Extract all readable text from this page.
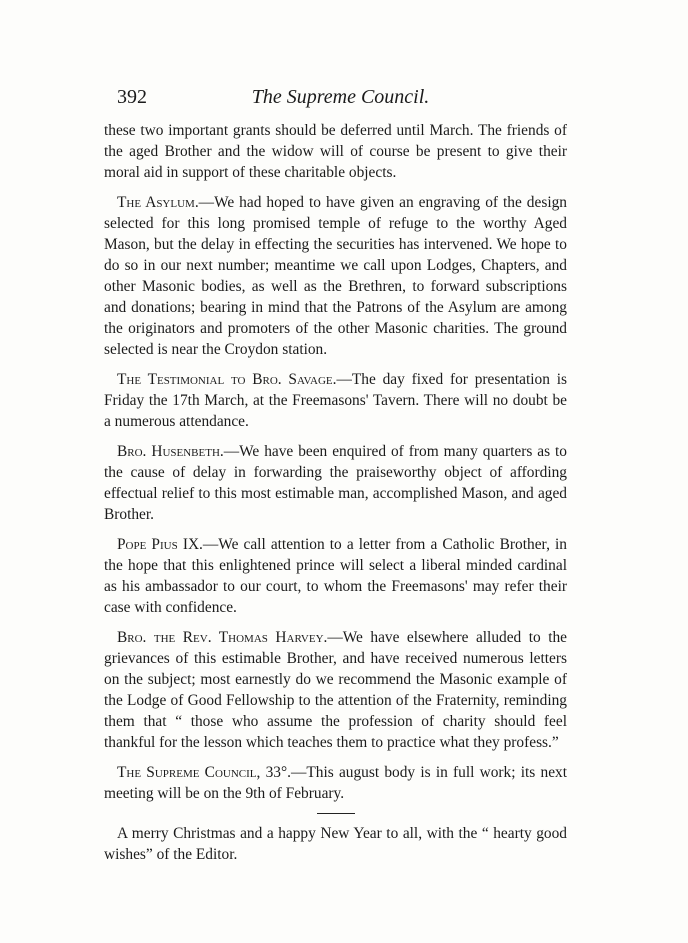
392	The Supreme Council.

these two important grants should be deferred until March. The friends of the aged Brother and the widow will of course be present to give their moral aid in support of these charitable objects.

The Asylum.—We had hoped to have given an engraving of the design selected for this long promised temple of refuge to the worthy Aged Mason, but the delay in effecting the securities has intervened. We hope to do so in our next number; meantime we call upon Lodges, Chapters, and other Masonic bodies, as well as the Brethren, to forward subscriptions and donations; bearing in mind that the Patrons of the Asylum are among the originators and promoters of the other Masonic charities. The ground selected is near the Croydon station.

The Testimonial to Bro. Savage.—The day fixed for presentation is Friday the 17th March, at the Freemasons' Tavern. There will no doubt be a numerous attendance.

Bro. Husenbeth.—We have been enquired of from many quarters as to the cause of delay in forwarding the praiseworthy object of affording effectual relief to this most estimable man, accomplished Mason, and aged Brother.

Pope Pius IX.—We call attention to a letter from a Catholic Brother, in the hope that this enlightened prince will select a liberal minded cardinal as his ambassador to our court, to whom the Freemasons' may refer their case with confidence.

Bro. the Rev. Thomas Harvey.—We have elsewhere alluded to the grievances of this estimable Brother, and have received numerous letters on the subject; most earnestly do we recommend the Masonic example of the Lodge of Good Fellowship to the attention of the Fraternity, reminding them that “ those who assume the profession of charity should feel thankful for the lesson which teaches them to practice what they profess.”

The Supreme Council, 33°.—This august body is in full work; its next meeting will be on the 9th of February.

A merry Christmas and a happy New Year to all, with the “ hearty good wishes” of the Editor.
